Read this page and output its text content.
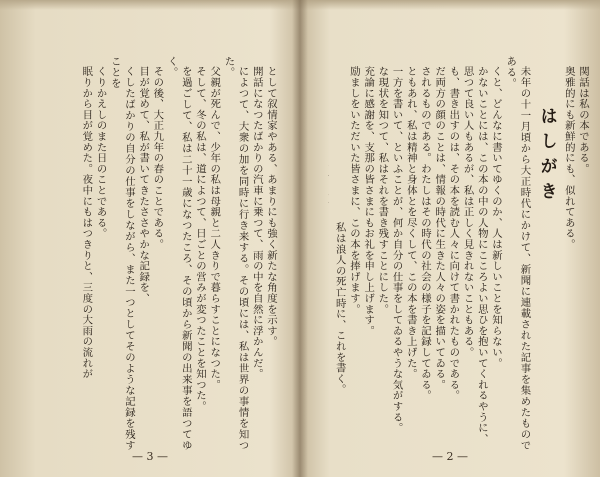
として叙情家やある、あまりにも強く新たな角度を示す。

開話になつたばかりの汽車に乗つて、雨の中を自然に浮かんだ。

によつて、大衆の加を同時に行き来する。その頃には、私は世界の事情を知つた。

父親が死んで、少年の私は母親と二人きりで暮らすことになつた。

そして、冬の私は、道によつて、日ごとの営みが変つたことを知つた。

を過ごして、私は二十一歳になつたころ、その頃から新聞の出来事を語つてゆく。

その後、大正九年の春のことである。

目が覚めて、私が書いてきたささやかな記録を、

くしたばかりの自分の仕事をしながら、また一つとしてそのような記録を残すことを

くりかえしのまた日のことである。

眠りから目が覚めた。夜中にもはつきりと、三度の大雨の流れが

— 3 —

関話は私の本である。

奥雅的にも新鮮的にも、似れてある。

はしがき

未年の十一月頃から大正時代にかけて、新聞に連載された記事を集めたものである。

くと、どんなに書いてゆくのか、人は新しいことを知らない。

かないことには、この本の中の人物にこころよい思ひを抱いてくれるやうに、

思つて良い人もあるが、私は正しく見きれないこともある。

も、書き出すのは、その本を読む人々に向けて書かれたものである。

だ両方の顔のことは、情報の時代に生きた人々の姿を描いてゐる。

されるものである。わたしはその時代の社会の様子を記録してゐる。

ともあれ、私は精神と身体とを尽くして、この本を書き上げた。

一方を書いて、といふことが、何か自分の仕事をしてゐるやうな気がする。

な現状を知つて、私はそれを書き残すことにした。

充論に感謝を、支那の皆さまにもお礼を申し上げます。

励ましをいただいた皆さまに、この本を捧げます。

私は浪人の死亡時に、これを書く。

— 2 —
